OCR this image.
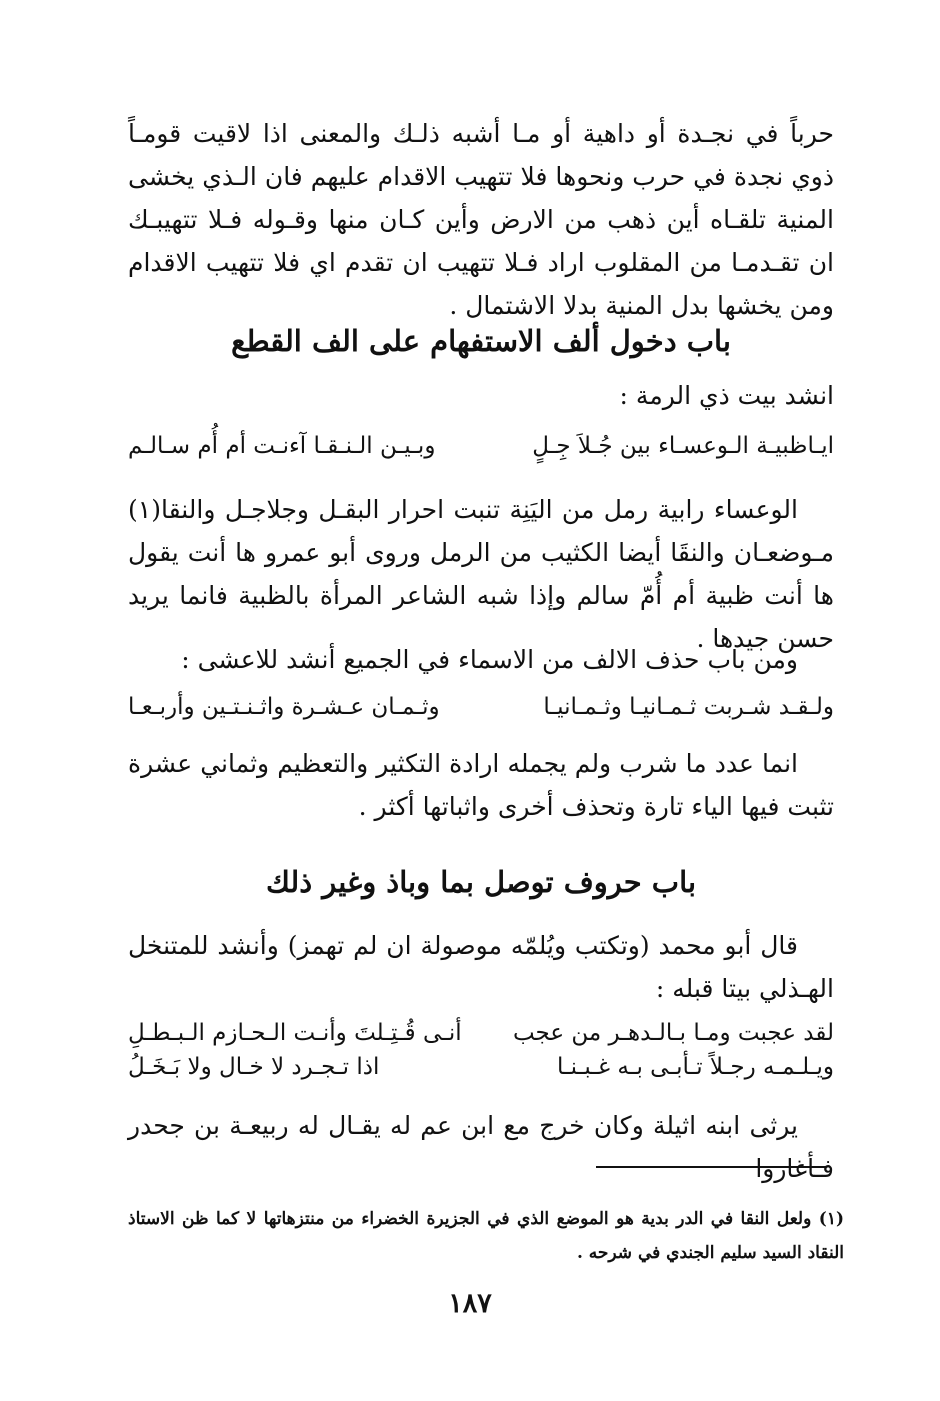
حرباً في نجـدة أو داهية أو مـا أشبه ذلـك والمعنى اذا لاقيت قومـاً ذوي نجدة في حرب ونحوها فلا تتهيب الاقدام عليهم فان الـذي يخشى المنية تلقـاه أين ذهب من الارض وأين كـان منها وقـوله فـلا تتهيبـك ان تقـدمـا من المقلوب اراد فـلا تتهيب ان تقدم اي فلا تتهيب الاقدام ومن يخشها بدل المنية بدلا الاشتمال .

باب دخول ألف الاستفهام على الف القطع

انشد بيت ذي الرمة :

ايـاظبيـة الـوعسـاء بين جُـلاَ جِـلٍ
وبـيـن الـنـقـا آءنـت أم أُم سـالـم

الوعساء رابية رمل من اليَنِة تنبت احرار البقـل وجلاجـل والنقا(١) مـوضعـان والنقَا أيضا الكثيب من الرمل وروى أبو عمرو ها أنت يقول ها أنت ظبية أم أُمّ سالم وإذا شبه الشاعر المرأة بالظبية فانما يريد حسن جيدها .

ومن باب حذف الالف من الاسماء في الجميع أنشد للاعشى :

ولـقـد شـربت ثـمـانيـا وثـمـانيـا
وثـمـان عـشـرة واثـنـتـين وأربـعـا

انما عدد ما شرب ولم يجمله ارادة التكثير والتعظيم وثماني عشرة تثبت فيها الياء تارة وتحذف أخرى واثباتها أكثر .

باب حروف توصل بما وباذ وغير ذلك

قال أبو محمد (وتكتب ويُلمّه موصولة ان لم تهمز) وأنشد للمتنخل الهـذلي بيتا قبله :

لقد عجبت ومـا بـالـدهـر من عجب
أنـى قُـتِـلتَ وأنـت الـحـازم الـبـطـلِ
ويـلـمـه رجـلاً تـأبـى بـه غـبـنـا
اذا تـجـرد لا خـال ولا بَـخَـلُ

يرثى ابنه اثيلة وكان خرج مع ابن عم له يقـال له ربيعـة بن جحدر فـأغاروا

(١) ولعل النقا في الدر بدية هو الموضع الذي في الجزيرة الخضراء من منتزهاتها لا كما ظن الاستاذ النقاد السيد سليم الجندي في شرحه .

١٨٧
